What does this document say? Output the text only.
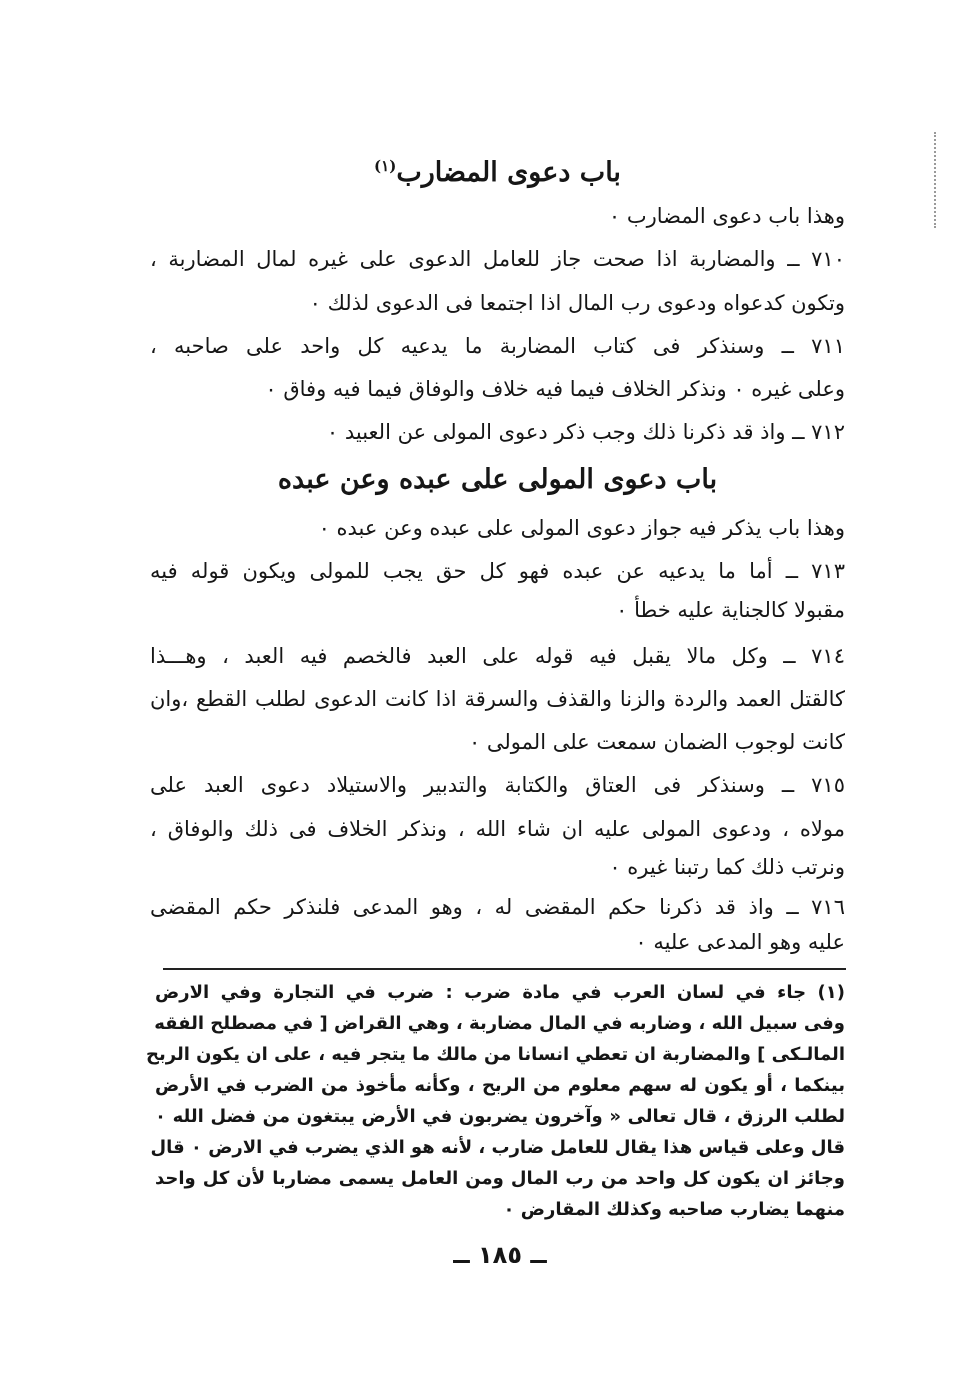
باب دعوى المضارب$^{(١)}$
وهذا باب دعوى المضارب ٠
٧١٠ ــ والمضاربة اذا صحت جاز للعامل الدعوى على غيره لمال المضاربة ،
وتكون كدعواه ودعوى رب المال اذا اجتمعا فى الدعوى لذلك ٠
٧١١ ــ وسنذكر فى كتاب المضاربة ما يدعيه كل واحد على صاحبه ،
وعلى غيره ٠ ونذكر الخلاف فيما فيه خلاف والوفاق فيما فيه وفاق ٠
٧١٢ ــ واذ قد ذكرنا ذلك وجب ذكر دعوى المولى عن العبيد ٠
باب دعوى المولى على عبده وعن عبده
وهذا باب يذكر فيه جواز دعوى المولى على عبده وعن عبده ٠
٧١٣ ــ أما ما يدعيه عن عبده فهو كل حق يجب للمولى ويكون قوله فيه
مقبولا كالجناية عليه خطأ ٠
٧١٤ ــ وكل مالا يقبل فيه قوله على العبد فالخصم فيه العبد ، وهـــذا
كالقتل العمد والردة والزنا والقذف والسرقة اذا كانت الدعوى لطلب القطع ،وان
كانت لوجوب الضمان سمعت على المولى ٠
٧١٥ ــ وسنذكر فى العتاق والكتابة والتدبير والاستيلاد دعوى العبد على
مولاه ، ودعوى المولى عليه ان شاء الله ، ونذكر الخلاف فى ذلك والوفاق ،
ونرتب ذلك كما رتبنا غيره ٠
٧١٦ ــ واذ قد ذكرنا حكم المقضى له ، وهو المدعى فلنذكر حكم المقضى
عليه وهو المدعى عليه ٠
(١) جاء في لسان العرب في مادة ضرب : ضرب في التجارة وفي الارض
وفى سبيل الله ، وضاربه في المال مضاربة ، وهي القراض [ في مصطلح الفقه
المالـكى ] والمضاربة ان تعطي انسانا من مالك ما يتجر فيه ، على ان يكون الربح
بينكما ، أو يكون له سهم معلوم من الربح ، وكأنه مأخوذ من الضرب في الأرض
لطلب الرزق ، قال تعالى « وآخرون يضربون في الأرض يبتغون من فضل الله ٠
قال وعلى قياس هذا يقال للعامل ضارب ، لأنه هو الذي يضرب في الارض ٠ قال
وجائز ان يكون كل واحد من رب المال ومن العامل يسمى مضاربا لأن كل واحد
منهما يضارب صاحبه وكذلك المقارض ٠
ــ ١٨٥ ــ
